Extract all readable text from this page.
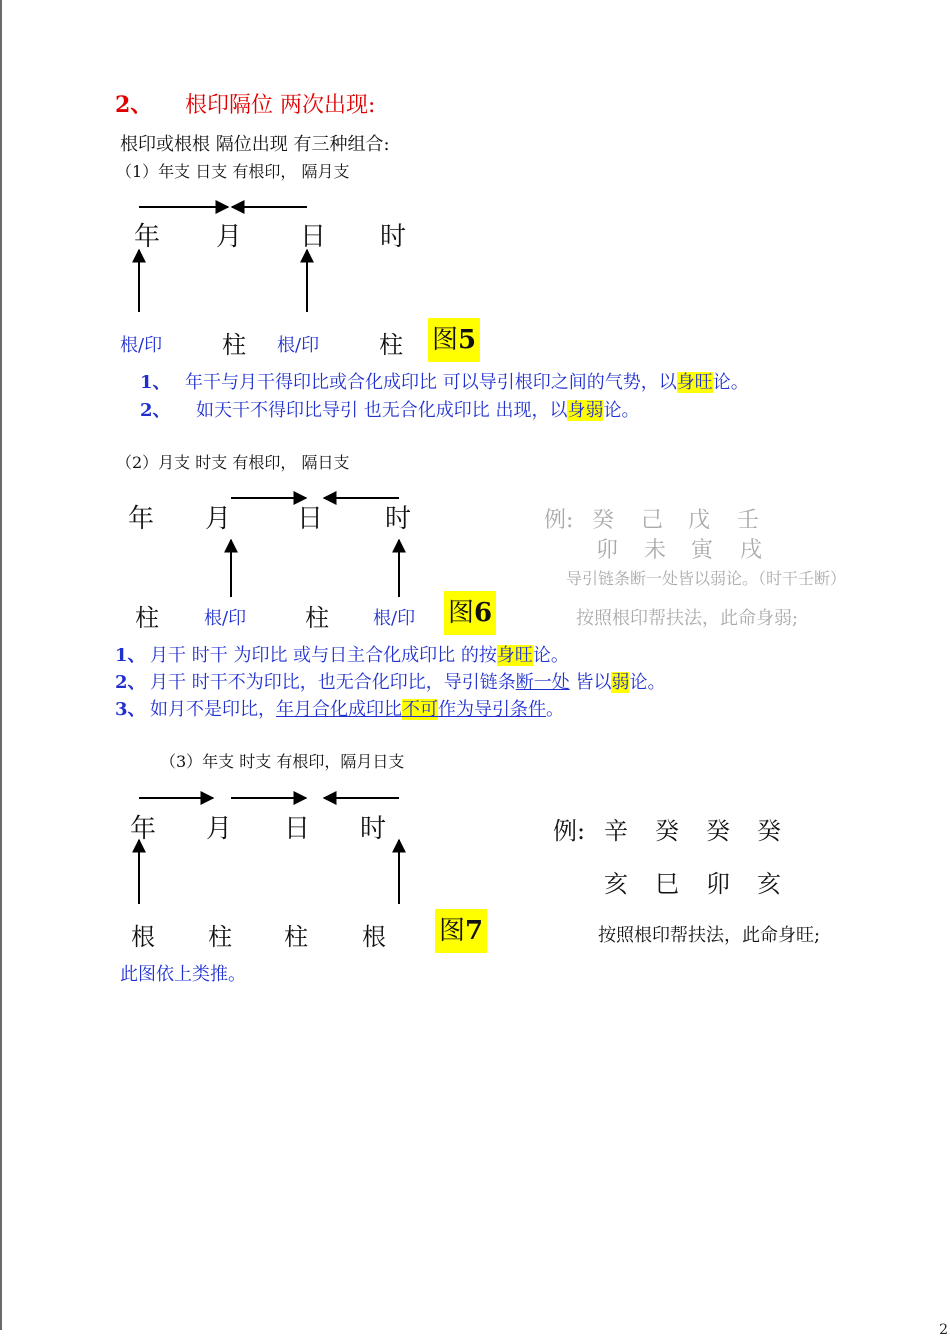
2、 根印隔位 两次出现:
根印或根根 隔位出现 有三种组合:
（1）年支 日支 有根印， 隔月支
年 月 日 时
根/印 柱 根/印 柱 图5
1、 年干与月干得印比或合化成印比 可以导引根印之间的气势，以身旺论。
2、 如天干不得印比导引 也无合化成印比 出现，以身弱论。
（2）月支 时支 有根印， 隔日支
年 月	日 时
柱	根/印 柱 根/印 图6
例: 癸 己 戊 壬
卯 未 寅 戌
导引链条断一处皆以弱论。（时干壬断）
按照根印帮扶法，此命身弱;
1、 月干 时干 为印比 或与日主合化成印比 的按身旺论。
2、 月干 时干不为印比，也无合化印比，导引链条断一处 皆以弱论。
3、 如月不是印比，年月合化成印比不可作为导引条件。
（3）年支 时支 有根印，隔月日支
年 月 日 时
根 柱 柱 根 图7
例: 辛 癸 癸 癸
亥 巳 卯 亥
按照根印帮扶法，此命身旺;
此图依上类推。
2
